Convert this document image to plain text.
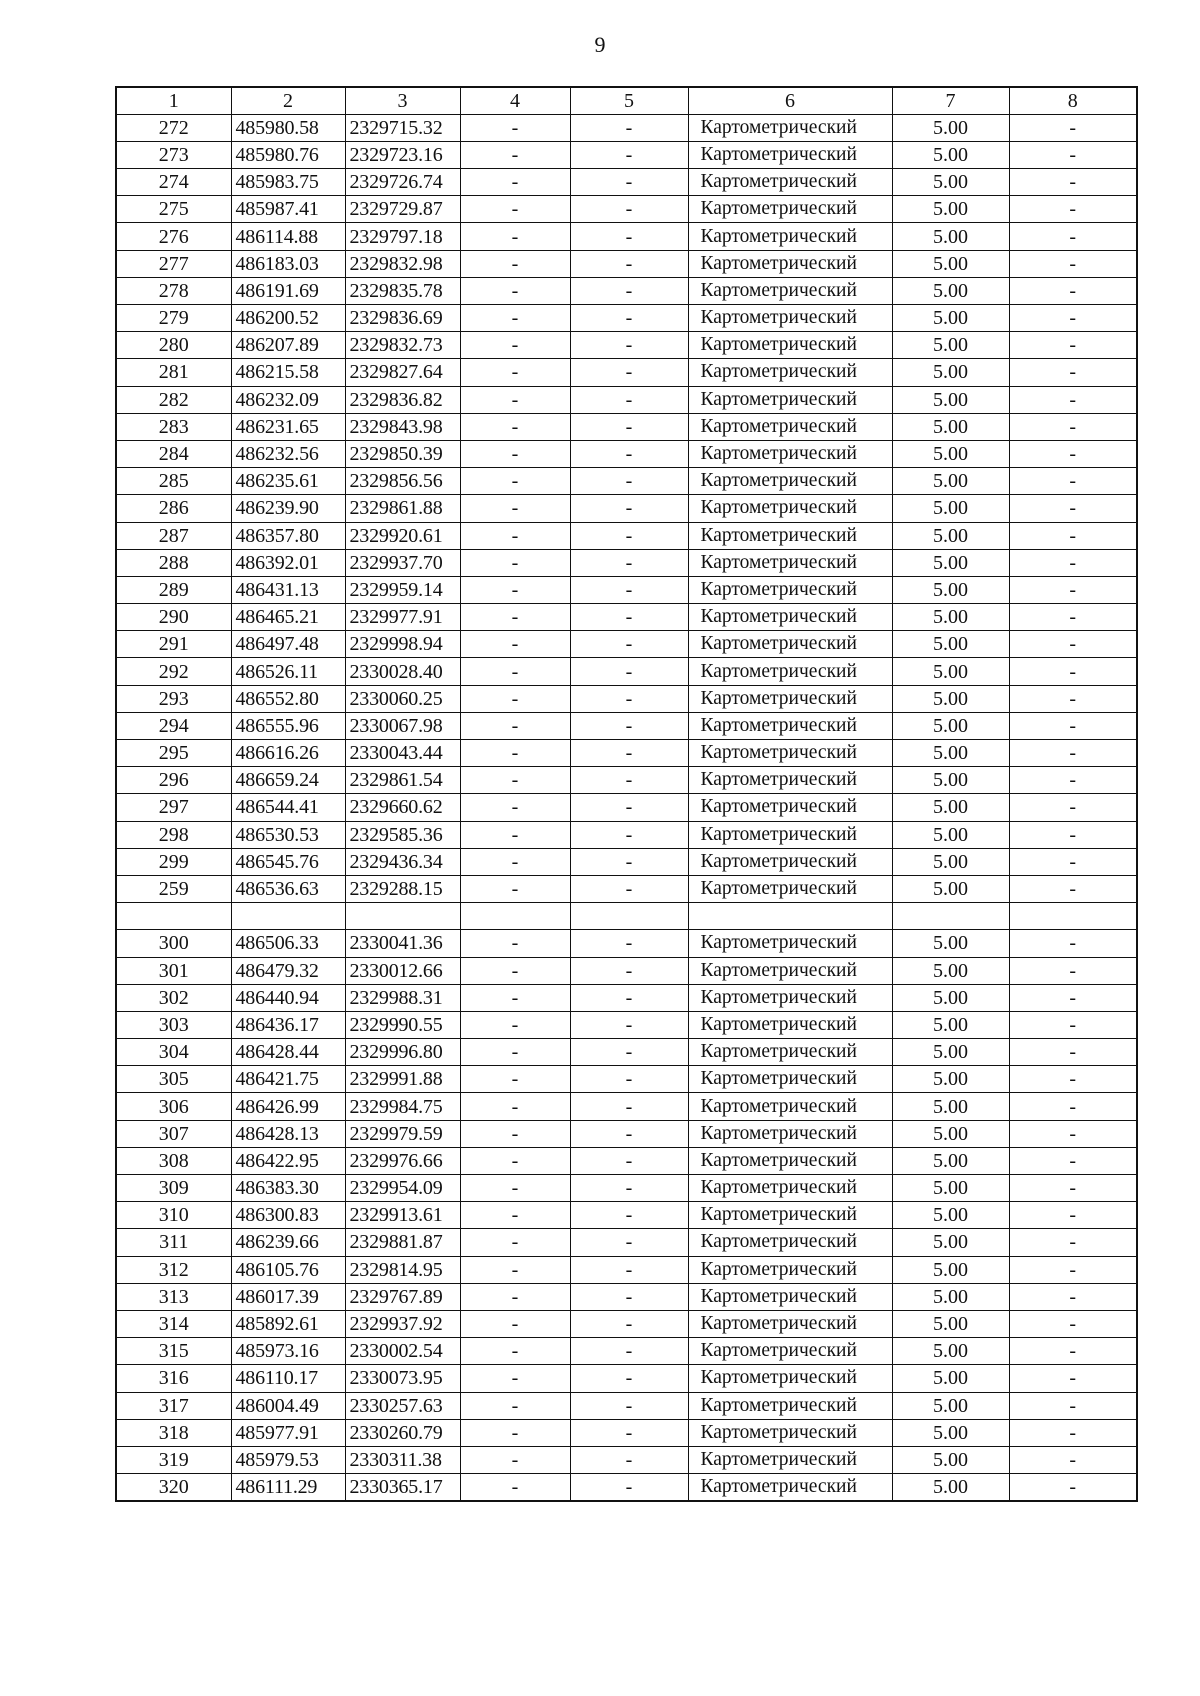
9
1	2	3	4	5	6	7	8
272	485980.58	2329715.32	-	-	Картометрический	5.00	-
273	485980.76	2329723.16	-	-	Картометрический	5.00	-
274	485983.75	2329726.74	-	-	Картометрический	5.00	-
275	485987.41	2329729.87	-	-	Картометрический	5.00	-
276	486114.88	2329797.18	-	-	Картометрический	5.00	-
277	486183.03	2329832.98	-	-	Картометрический	5.00	-
278	486191.69	2329835.78	-	-	Картометрический	5.00	-
279	486200.52	2329836.69	-	-	Картометрический	5.00	-
280	486207.89	2329832.73	-	-	Картометрический	5.00	-
281	486215.58	2329827.64	-	-	Картометрический	5.00	-
282	486232.09	2329836.82	-	-	Картометрический	5.00	-
283	486231.65	2329843.98	-	-	Картометрический	5.00	-
284	486232.56	2329850.39	-	-	Картометрический	5.00	-
285	486235.61	2329856.56	-	-	Картометрический	5.00	-
286	486239.90	2329861.88	-	-	Картометрический	5.00	-
287	486357.80	2329920.61	-	-	Картометрический	5.00	-
288	486392.01	2329937.70	-	-	Картометрический	5.00	-
289	486431.13	2329959.14	-	-	Картометрический	5.00	-
290	486465.21	2329977.91	-	-	Картометрический	5.00	-
291	486497.48	2329998.94	-	-	Картометрический	5.00	-
292	486526.11	2330028.40	-	-	Картометрический	5.00	-
293	486552.80	2330060.25	-	-	Картометрический	5.00	-
294	486555.96	2330067.98	-	-	Картометрический	5.00	-
295	486616.26	2330043.44	-	-	Картометрический	5.00	-
296	486659.24	2329861.54	-	-	Картометрический	5.00	-
297	486544.41	2329660.62	-	-	Картометрический	5.00	-
298	486530.53	2329585.36	-	-	Картометрический	5.00	-
299	486545.76	2329436.34	-	-	Картометрический	5.00	-
259	486536.63	2329288.15	-	-	Картометрический	5.00	-

300	486506.33	2330041.36	-	-	Картометрический	5.00	-
301	486479.32	2330012.66	-	-	Картометрический	5.00	-
302	486440.94	2329988.31	-	-	Картометрический	5.00	-
303	486436.17	2329990.55	-	-	Картометрический	5.00	-
304	486428.44	2329996.80	-	-	Картометрический	5.00	-
305	486421.75	2329991.88	-	-	Картометрический	5.00	-
306	486426.99	2329984.75	-	-	Картометрический	5.00	-
307	486428.13	2329979.59	-	-	Картометрический	5.00	-
308	486422.95	2329976.66	-	-	Картометрический	5.00	-
309	486383.30	2329954.09	-	-	Картометрический	5.00	-
310	486300.83	2329913.61	-	-	Картометрический	5.00	-
311	486239.66	2329881.87	-	-	Картометрический	5.00	-
312	486105.76	2329814.95	-	-	Картометрический	5.00	-
313	486017.39	2329767.89	-	-	Картометрический	5.00	-
314	485892.61	2329937.92	-	-	Картометрический	5.00	-
315	485973.16	2330002.54	-	-	Картометрический	5.00	-
316	486110.17	2330073.95	-	-	Картометрический	5.00	-
317	486004.49	2330257.63	-	-	Картометрический	5.00	-
318	485977.91	2330260.79	-	-	Картометрический	5.00	-
319	485979.53	2330311.38	-	-	Картометрический	5.00	-
320	486111.29	2330365.17	-	-	Картометрический	5.00	-
